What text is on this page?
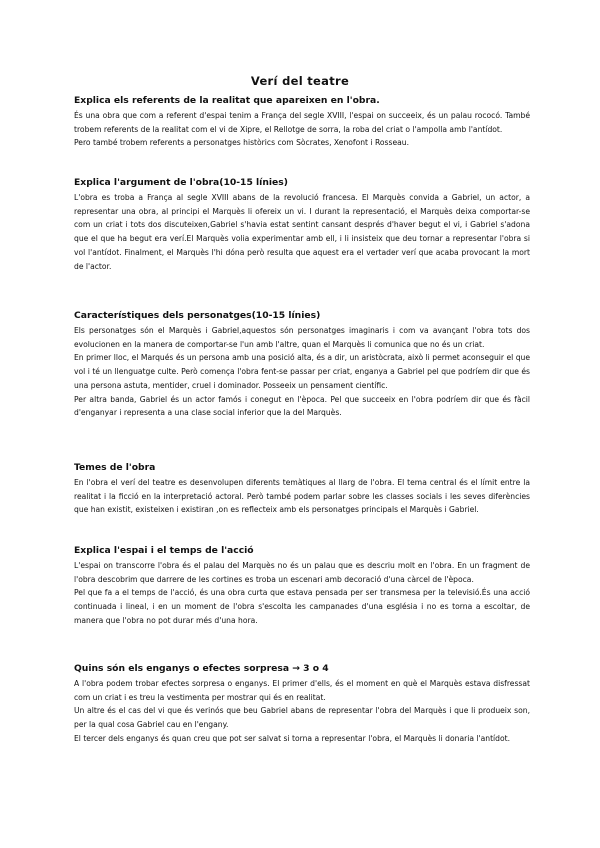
Verí del teatre
Explica els referents de la realitat que apareixen en l'obra.

És una obra que com a referent d'espai tenim a França del segle XVIII, l'espai on succeeix, és un palau rococó. També trobem referents de la realitat com el vi de Xipre, el Rellotge de sorra, la roba del criat o l'ampolla amb l'antídot.

Pero també trobem referents a personatges històrics com Sòcrates, Xenofont i Rosseau.

Explica l'argument de l'obra(10-15 línies)

L'obra es troba a França al segle XVIII abans de la revolució francesa. El Marquès convida a Gabriel, un actor, a representar una obra, al principi el Marquès li ofereix un vi. I durant la representació, el Marquès deixa comportar-se com un criat i tots dos discuteixen,Gabriel s'havia estat sentint cansant després d'haver begut el vi, i Gabriel s'adona que el que ha begut era verí.El Marquès volia experimentar amb ell, i li insisteix que deu tornar a representar l'obra si vol l'antídot. Finalment, el Marquès l'hi dóna però resulta que aquest era el vertader verí que acaba provocant la mort de l'actor.

Característiques dels personatges(10-15 línies)

Els personatges són el Marquès i Gabriel,aquestos són personatges imaginaris i com va avançant l'obra tots dos evolucionen en la manera de comportar-se l'un amb l'altre, quan el Marquès li comunica que no és un criat.

En primer lloc, el Marqués és un persona amb una posició alta, és a dir, un aristòcrata, això li permet aconseguir el que vol i té un llenguatge culte. Però comença l'obra fent-se passar per criat, enganya a Gabriel pel que podríem dir que és una persona astuta, mentider, cruel i dominador. Posseeix un pensament científic.

Per altra banda, Gabriel és un actor famós i conegut en l'època. Pel que succeeix en l'obra podríem dir que és fàcil d'enganyar i representa a una clase social inferior que la del Marquès.

Temes de l'obra

En l'obra el verí del teatre es desenvolupen diferents temàtiques al llarg de l'obra. El tema central és el límit entre la realitat i la ficció en la interpretació actoral. Però també podem parlar sobre les classes socials i les seves diferències que han existit, existeixen i existiran ,on es reflecteix amb els personatges principals el Marquès i Gabriel.

Explica l'espai i el temps de l'acció

L'espai on transcorre l'obra és el palau del Marquès no és un palau que es descriu molt en l'obra. En un fragment de l'obra descobrim que darrere de les cortines es troba un escenari amb decoració d'una càrcel de l'època.

Pel que fa a el temps de l'acció, és una obra curta que estava pensada per ser transmesa per la televisió.És una acció continuada i lineal, i en un moment de l'obra s'escolta les campanades d'una església i no es torna a escoltar, de manera que l'obra no pot durar més d'una hora.

Quins són els enganys o efectes sorpresa → 3 o 4

A l'obra podem trobar efectes sorpresa o enganys. El primer d'ells, és el moment en què el Marquès estava disfressat com un criat i es treu la vestimenta per mostrar qui és en realitat.

Un altre és el cas del vi que és verinós que beu Gabriel abans de representar l'obra del Marquès i que li produeix son, per la qual cosa Gabriel cau en l'engany.

El tercer dels enganys és quan creu que pot ser salvat si torna a representar l'obra, el Marquès li donaria l'antídot.
